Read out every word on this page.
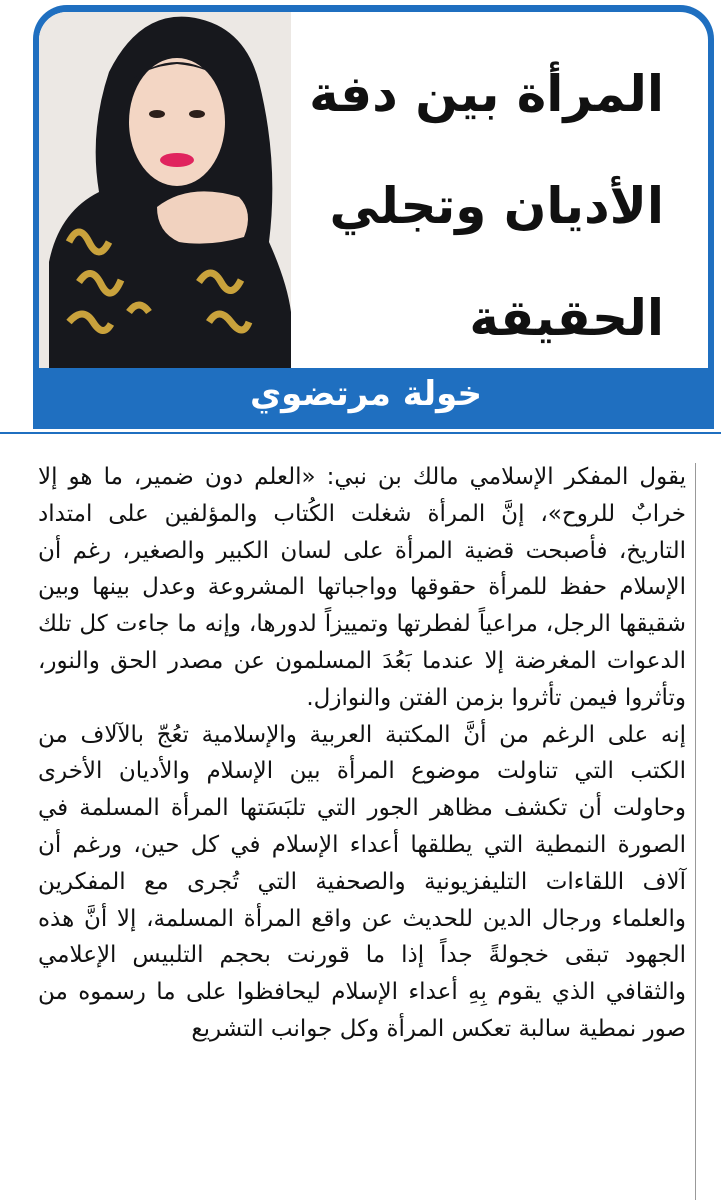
المرأة بين دفة
الأديان وتجلي
الحقيقة
خولة مرتضوي

يقول المفكر الإسلامي مالك بن نبي: «العلم دون ضمير، ما هو إلا خرابٌ للروح»، إنَّ المرأة شغلت الكُتاب والمؤلفين على امتداد التاريخ، فأصبحت قضية المرأة على لسان الكبير والصغير، رغم أن الإسلام حفظ للمرأة حقوقها وواجباتها المشروعة وعدل بينها وبين شقيقها الرجل، مراعياً لفطرتها وتمييزاً لدورها، وإنه ما جاءت كل تلك الدعوات المغرضة إلا عندما بَعُدَ المسلمون عن مصدر الحق والنور، وتأثروا فيمن تأثروا بزمن الفتن والنوازل.

إنه على الرغم من أنَّ المكتبة العربية والإسلامية تعُجّ بالآلاف من الكتب التي تناولت موضوع المرأة بين الإسلام والأديان الأخرى وحاولت أن تكشف مظاهر الجور التي تلبَسَتها المرأة المسلمة في الصورة النمطية التي يطلقها أعداء الإسلام في كل حين، ورغم أن آلاف اللقاءات التليفزيونية والصحفية التي تُجرى مع المفكرين والعلماء ورجال الدين للحديث عن واقع المرأة المسلمة، إلا أنَّ هذه الجهود تبقى خجولةً جداً إذا ما قورنت بحجم التلبيس الإعلامي والثقافي الذي يقوم بِهِ أعداء الإسلام ليحافظوا على ما رسموه من صور نمطية سالبة تعكس المرأة وكل جوانب التشريع
